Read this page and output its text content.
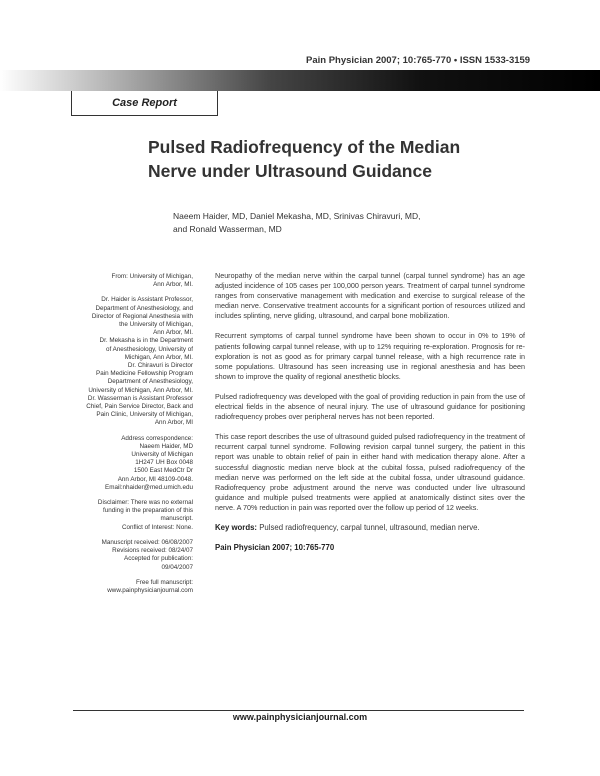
Pain Physician 2007; 10:765-770 • ISSN 1533-3159
Case Report
Pulsed Radiofrequency of the Median
Nerve under Ultrasound Guidance
Naeem Haider, MD, Daniel Mekasha, MD, Srinivas Chiravuri, MD,
and Ronald Wasserman, MD
From: University of Michigan,
Ann Arbor, MI.
Dr. Haider is Assistant Professor,
Department of Anesthesiology, and
Director of Regional Anesthesia with
the University of Michigan,
Ann Arbor, MI.
Dr. Mekasha is in the Department
of Anesthesiology, University of
Michigan, Ann Arbor, MI.
Dr. Chiravuri is Director
Pain Medicine Fellowship Program
Department of Anesthesiology,
University of Michigan, Ann Arbor, MI.
Dr. Wasserman is Assistant Professor
Chief, Pain Service Director, Back and
Pain Clinic, University of Michigan,
Ann Arbor, MI
Address correspondence:
Naeem Haider, MD
University of Michigan
1H247 UH Box 0048
1500 East MedCtr Dr
Ann Arbor, MI 48109-0048.
Email:nhaider@med.umich.edu
Disclaimer: There was no external
funding in the preparation of this
manuscript.
Conflict of Interest: None.
Manuscript received: 06/08/2007
Revisions received: 08/24/07
Accepted for publication:
09/04/2007
Free full manuscript:
www.painphysicianjournal.com

Neuropathy of the median nerve within the carpal tunnel (carpal tunnel syndrome) has an age adjusted incidence of 105 cases per 100,000 person years. Treatment of carpal tunnel syndrome ranges from conservative management with medication and exercise to surgical release of the median nerve. Conservative treatment accounts for a significant portion of resources utilized and includes splinting, nerve gliding, ultrasound, and carpal bone mobilization.

Recurrent symptoms of carpal tunnel syndrome have been shown to occur in 0% to 19% of patients following carpal tunnel release, with up to 12% requiring re-exploration. Prognosis for re-exploration is not as good as for primary carpal tunnel release, with a high recurrence rate in some populations. Ultrasound has seen increasing use in regional anesthesia and has been shown to improve the quality of regional anesthetic blocks.

Pulsed radiofrequency was developed with the goal of providing reduction in pain from the use of electrical fields in the absence of neural injury. The use of ultrasound guidance for positioning radiofrequency probes over peripheral nerves has not been reported.

This case report describes the use of ultrasound guided pulsed radiofrequency in the treatment of recurrent carpal tunnel syndrome. Following revision carpal tunnel surgery, the patient in this report was unable to obtain relief of pain in either hand with medication therapy alone. After a successful diagnostic median nerve block at the cubital fossa, pulsed radiofrequency of the median nerve was performed on the left side at the cubital fossa, under ultrasound guidance. Radiofrequency probe adjustment around the nerve was conducted under live ultrasound guidance and multiple pulsed treatments were applied at anatomically distinct sites over the nerve. A 70% reduction in pain was reported over the follow up period of 12 weeks.

Key words: Pulsed radiofrequency, carpal tunnel, ultrasound, median nerve.
Pain Physician 2007; 10:765-770
www.painphysicianjournal.com
